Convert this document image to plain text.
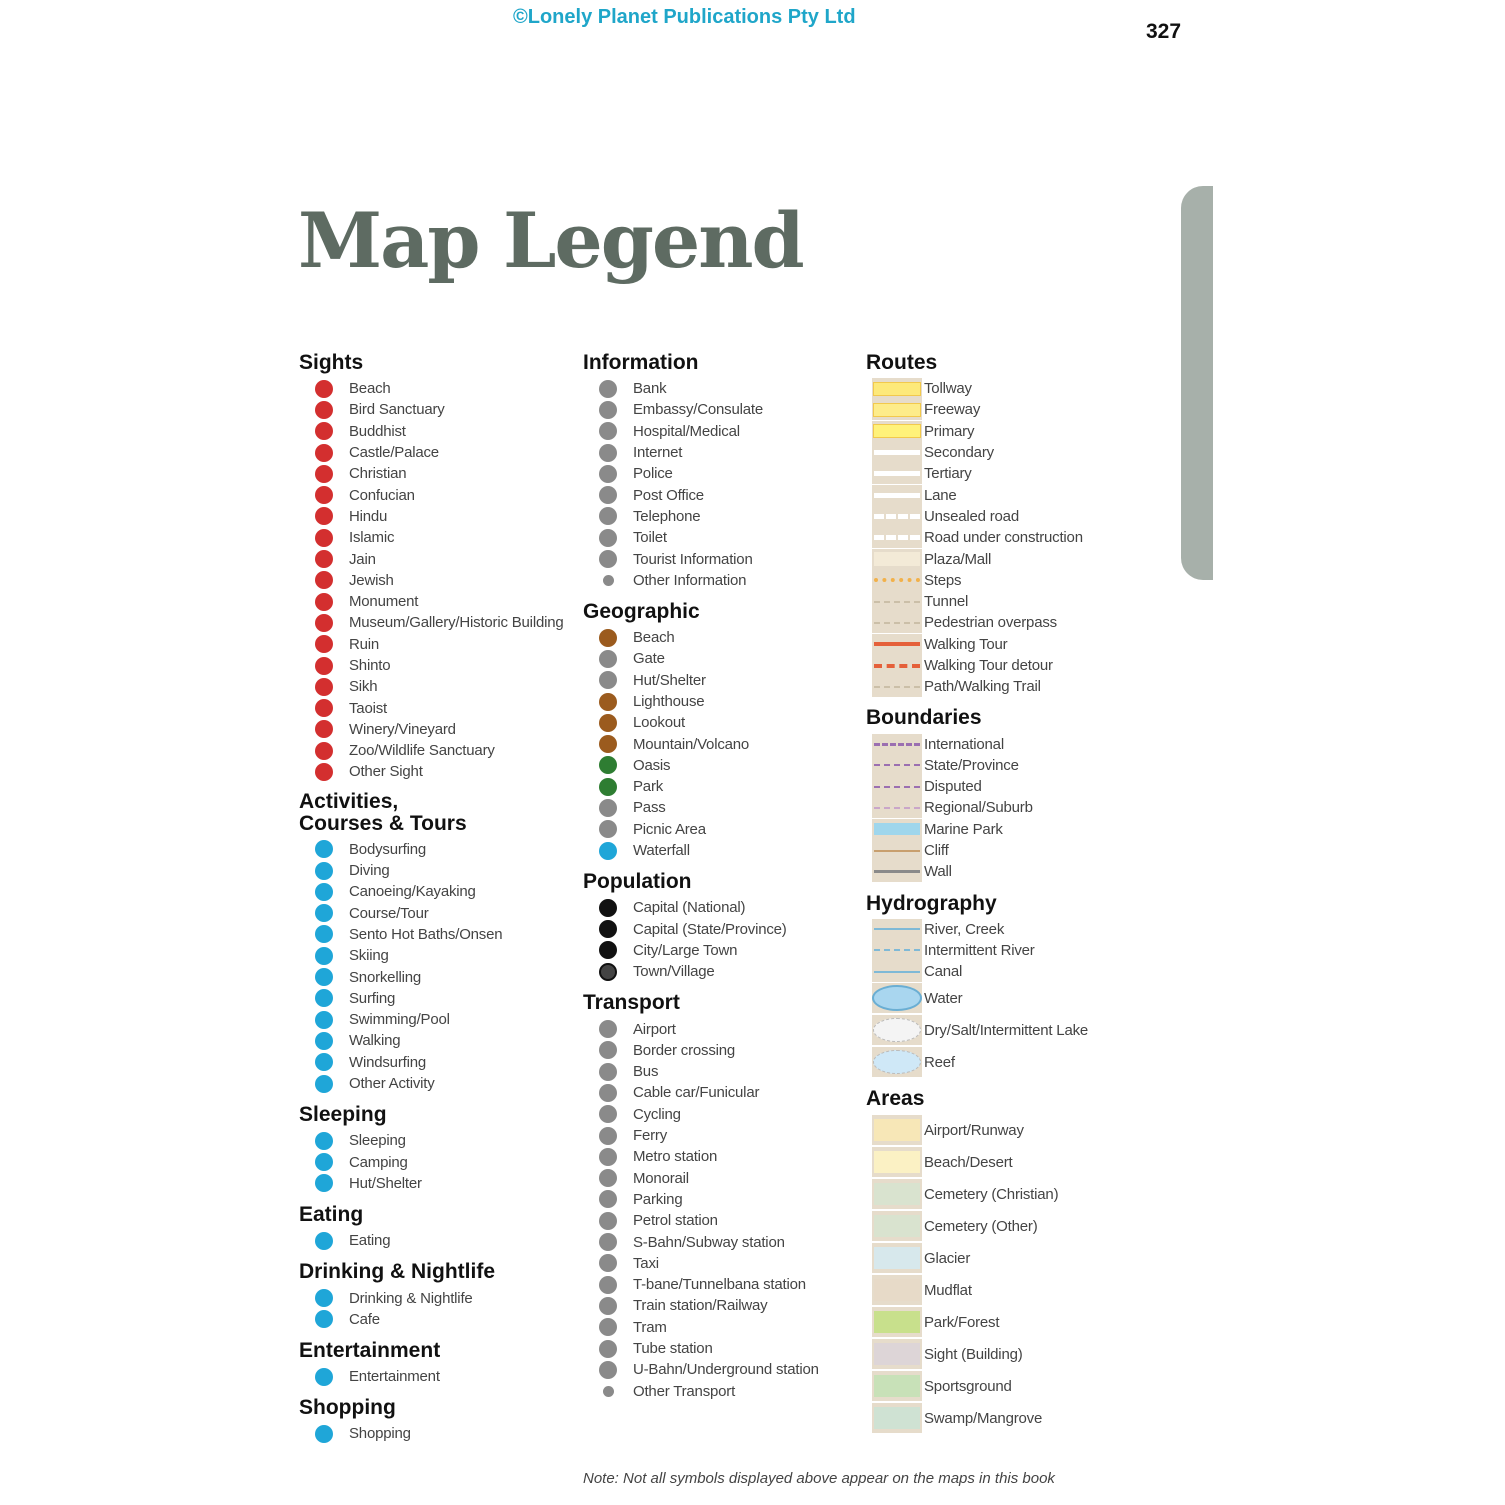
©Lonely Planet Publications Pty Ltd
327
Map Legend
Sights
Beach
Bird Sanctuary
Buddhist
Castle/Palace
Christian
Confucian
Hindu
Islamic
Jain
Jewish
Monument
Museum/Gallery/Historic Building
Ruin
Shinto
Sikh
Taoist
Winery/Vineyard
Zoo/Wildlife Sanctuary
Other Sight
Activities,
Courses & Tours
Bodysurfing
Diving
Canoeing/Kayaking
Course/Tour
Sento Hot Baths/Onsen
Skiing
Snorkelling
Surfing
Swimming/Pool
Walking
Windsurfing
Other Activity
Sleeping
Sleeping
Camping
Hut/Shelter
Eating
Eating
Drinking & Nightlife
Drinking & Nightlife
Cafe
Entertainment
Entertainment
Shopping
Shopping
Information
Bank
Embassy/Consulate
Hospital/Medical
Internet
Police
Post Office
Telephone
Toilet
Tourist Information
Other Information
Geographic
Beach
Gate
Hut/Shelter
Lighthouse
Lookout
Mountain/Volcano
Oasis
Park
Pass
Picnic Area
Waterfall
Population
Capital (National)
Capital (State/Province)
City/Large Town
Town/Village
Transport
Airport
Border crossing
Bus
Cable car/Funicular
Cycling
Ferry
Metro station
Monorail
Parking
Petrol station
S-Bahn/Subway station
Taxi
T-bane/Tunnelbana station
Train station/Railway
Tram
Tube station
U-Bahn/Underground station
Other Transport
Routes
Tollway
Freeway
Primary
Secondary
Tertiary
Lane
Unsealed road
Road under construction
Plaza/Mall
Steps
Tunnel
Pedestrian overpass
Walking Tour
Walking Tour detour
Path/Walking Trail
Boundaries
International
State/Province
Disputed
Regional/Suburb
Marine Park
Cliff
Wall
Hydrography
River, Creek
Intermittent River
Canal
Water
Dry/Salt/Intermittent Lake
Reef
Areas
Airport/Runway
Beach/Desert
Cemetery (Christian)
Cemetery (Other)
Glacier
Mudflat
Park/Forest
Sight (Building)
Sportsground
Swamp/Mangrove
Note: Not all symbols displayed above appear on the maps in this book
